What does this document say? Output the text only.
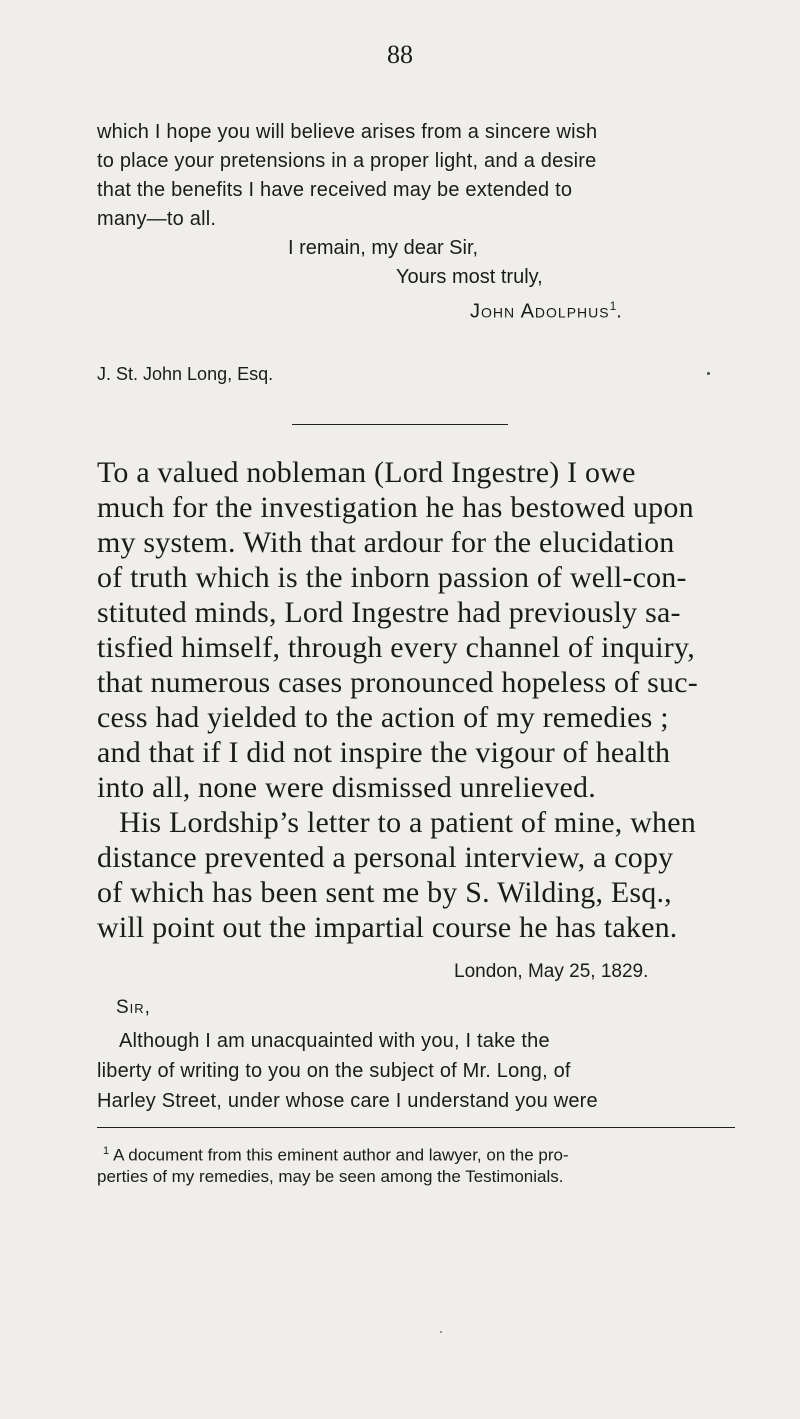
88
which I hope you will believe arises from a sincere wish
to place your pretensions in a proper light, and a desire
that the benefits I have received may be extended to
many—to all.
I remain, my dear Sir,
Yours most truly,
John Adolphus$^1$.
J. St. John Long, Esq.
To a valued nobleman (Lord Ingestre) I owe
much for the investigation he has bestowed upon
my system. With that ardour for the elucidation
of truth which is the inborn passion of well-con-
stituted minds, Lord Ingestre had previously sa-
tisfied himself, through every channel of inquiry,
that numerous cases pronounced hopeless of suc-
cess had yielded to the action of my remedies ;
and that if I did not inspire the vigour of health
into all, none were dismissed unrelieved.
His Lordship’s letter to a patient of mine, when
distance prevented a personal interview, a copy
of which has been sent me by S. Wilding, Esq.,
will point out the impartial course he has taken.
London, May 25, 1829.
Sir,
Although I am unacquainted with you, I take the
liberty of writing to you on the subject of Mr. Long, of
Harley Street, under whose care I understand you were
$^1$ A document from this eminent author and lawyer, on the pro-
perties of my remedies, may be seen among the Testimonials.
